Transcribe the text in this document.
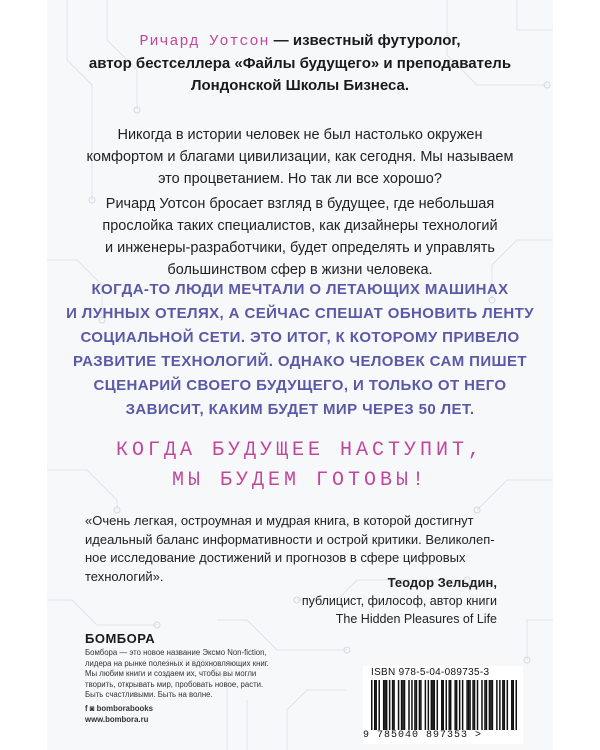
Ричард Уотсон — известный футуролог,
автор бестселлера «Файлы будущего» и преподаватель
Лондонской Школы Бизнеса.
Никогда в истории человек не был настолько окружен
комфортом и благами цивилизации, как сегодня. Мы называем
это процветанием. Но так ли все хорошо?
Ричард Уотсон бросает взгляд в будущее, где небольшая
прослойка таких специалистов, как дизайнеры технологий
и инженеры-разработчики, будет определять и управлять
большинством сфер в жизни человека.
КОГДА-ТО ЛЮДИ МЕЧТАЛИ О ЛЕТАЮЩИХ МАШИНАХ
И ЛУННЫХ ОТЕЛЯХ, А СЕЙЧАС СПЕШАТ ОБНОВИТЬ ЛЕНТУ
СОЦИАЛЬНОЙ СЕТИ. ЭТО ИТОГ, К КОТОРОМУ ПРИВЕЛО
РАЗВИТИЕ ТЕХНОЛОГИЙ. ОДНАКО ЧЕЛОВЕК САМ ПИШЕТ
СЦЕНАРИЙ СВОЕГО БУДУЩЕГО, И ТОЛЬКО ОТ НЕГО
ЗАВИСИТ, КАКИМ БУДЕТ МИР ЧЕРЕЗ 50 ЛЕТ.
КОГДА БУДУЩЕЕ НАСТУПИТ,
МЫ БУДЕМ ГОТОВЫ!
«Очень легкая, остроумная и мудрая книга, в которой достигнут
идеальный баланс информативности и острой критики. Великолеп-
ное исследование достижений и прогнозов в сфере цифровых
технологий».	Теодор Зельдин,
публицист, философ, автор книги
The Hidden Pleasures of Life
БОМБОРА
Бомбора — это новое название Эксмо Non-fiction,
лидера на рынке полезных и вдохновляющих книг.
Мы любим книги и создаем их, чтобы вы могли
творить, открывать мир, пробовать новое, расти.
Быть счастливыми. Быть на волне.
f ◙ bomborabooks
www.bombora.ru
ISBN 978-5-04-089735-3
9 785040 897353 >
